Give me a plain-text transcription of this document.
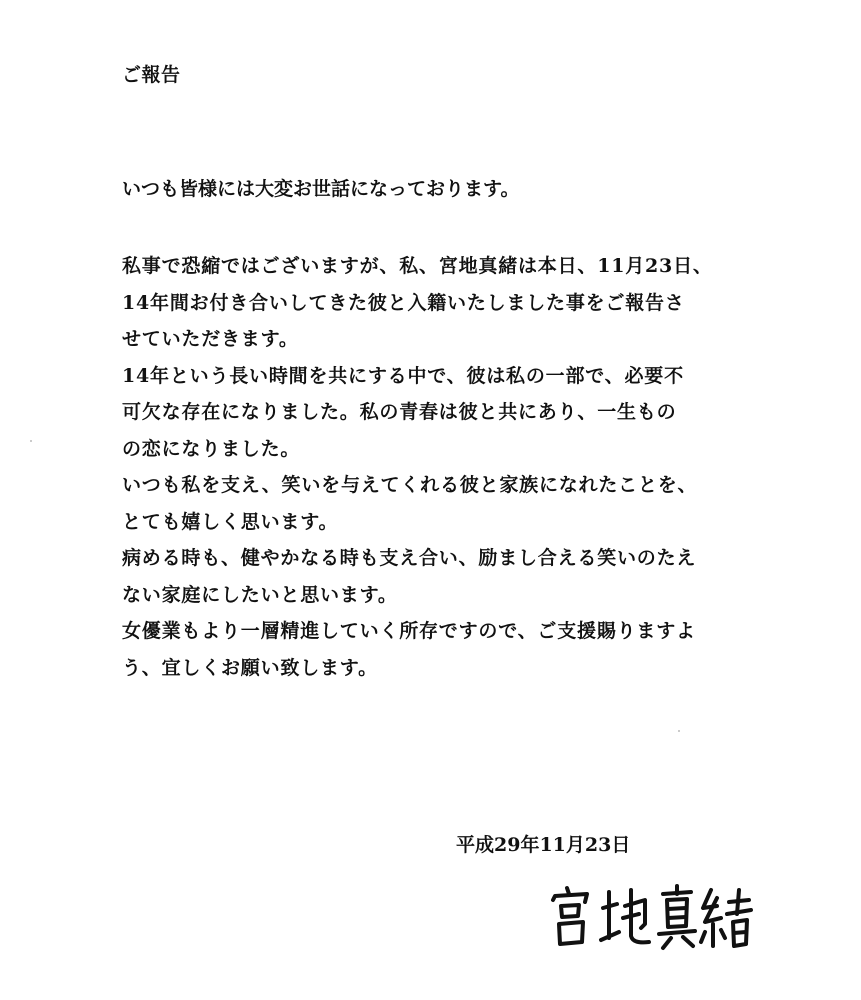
ご報告
いつも皆様には大変お世話になっております。
私事で恐縮ではございますが、私、宮地真緒は本日、11月23日、
14年間お付き合いしてきた彼と入籍いたしました事をご報告さ
せていただきます。
14年という長い時間を共にする中で、彼は私の一部で、必要不
可欠な存在になりました。私の青春は彼と共にあり、一生もの
の恋になりました。
いつも私を支え、笑いを与えてくれる彼と家族になれたことを、
とても嬉しく思います。
病める時も、健やかなる時も支え合い、励まし合える笑いのたえ
ない家庭にしたいと思います。
女優業もより一層精進していく所存ですので、ご支援賜りますよ
う、宜しくお願い致します。
平成29年11月23日
